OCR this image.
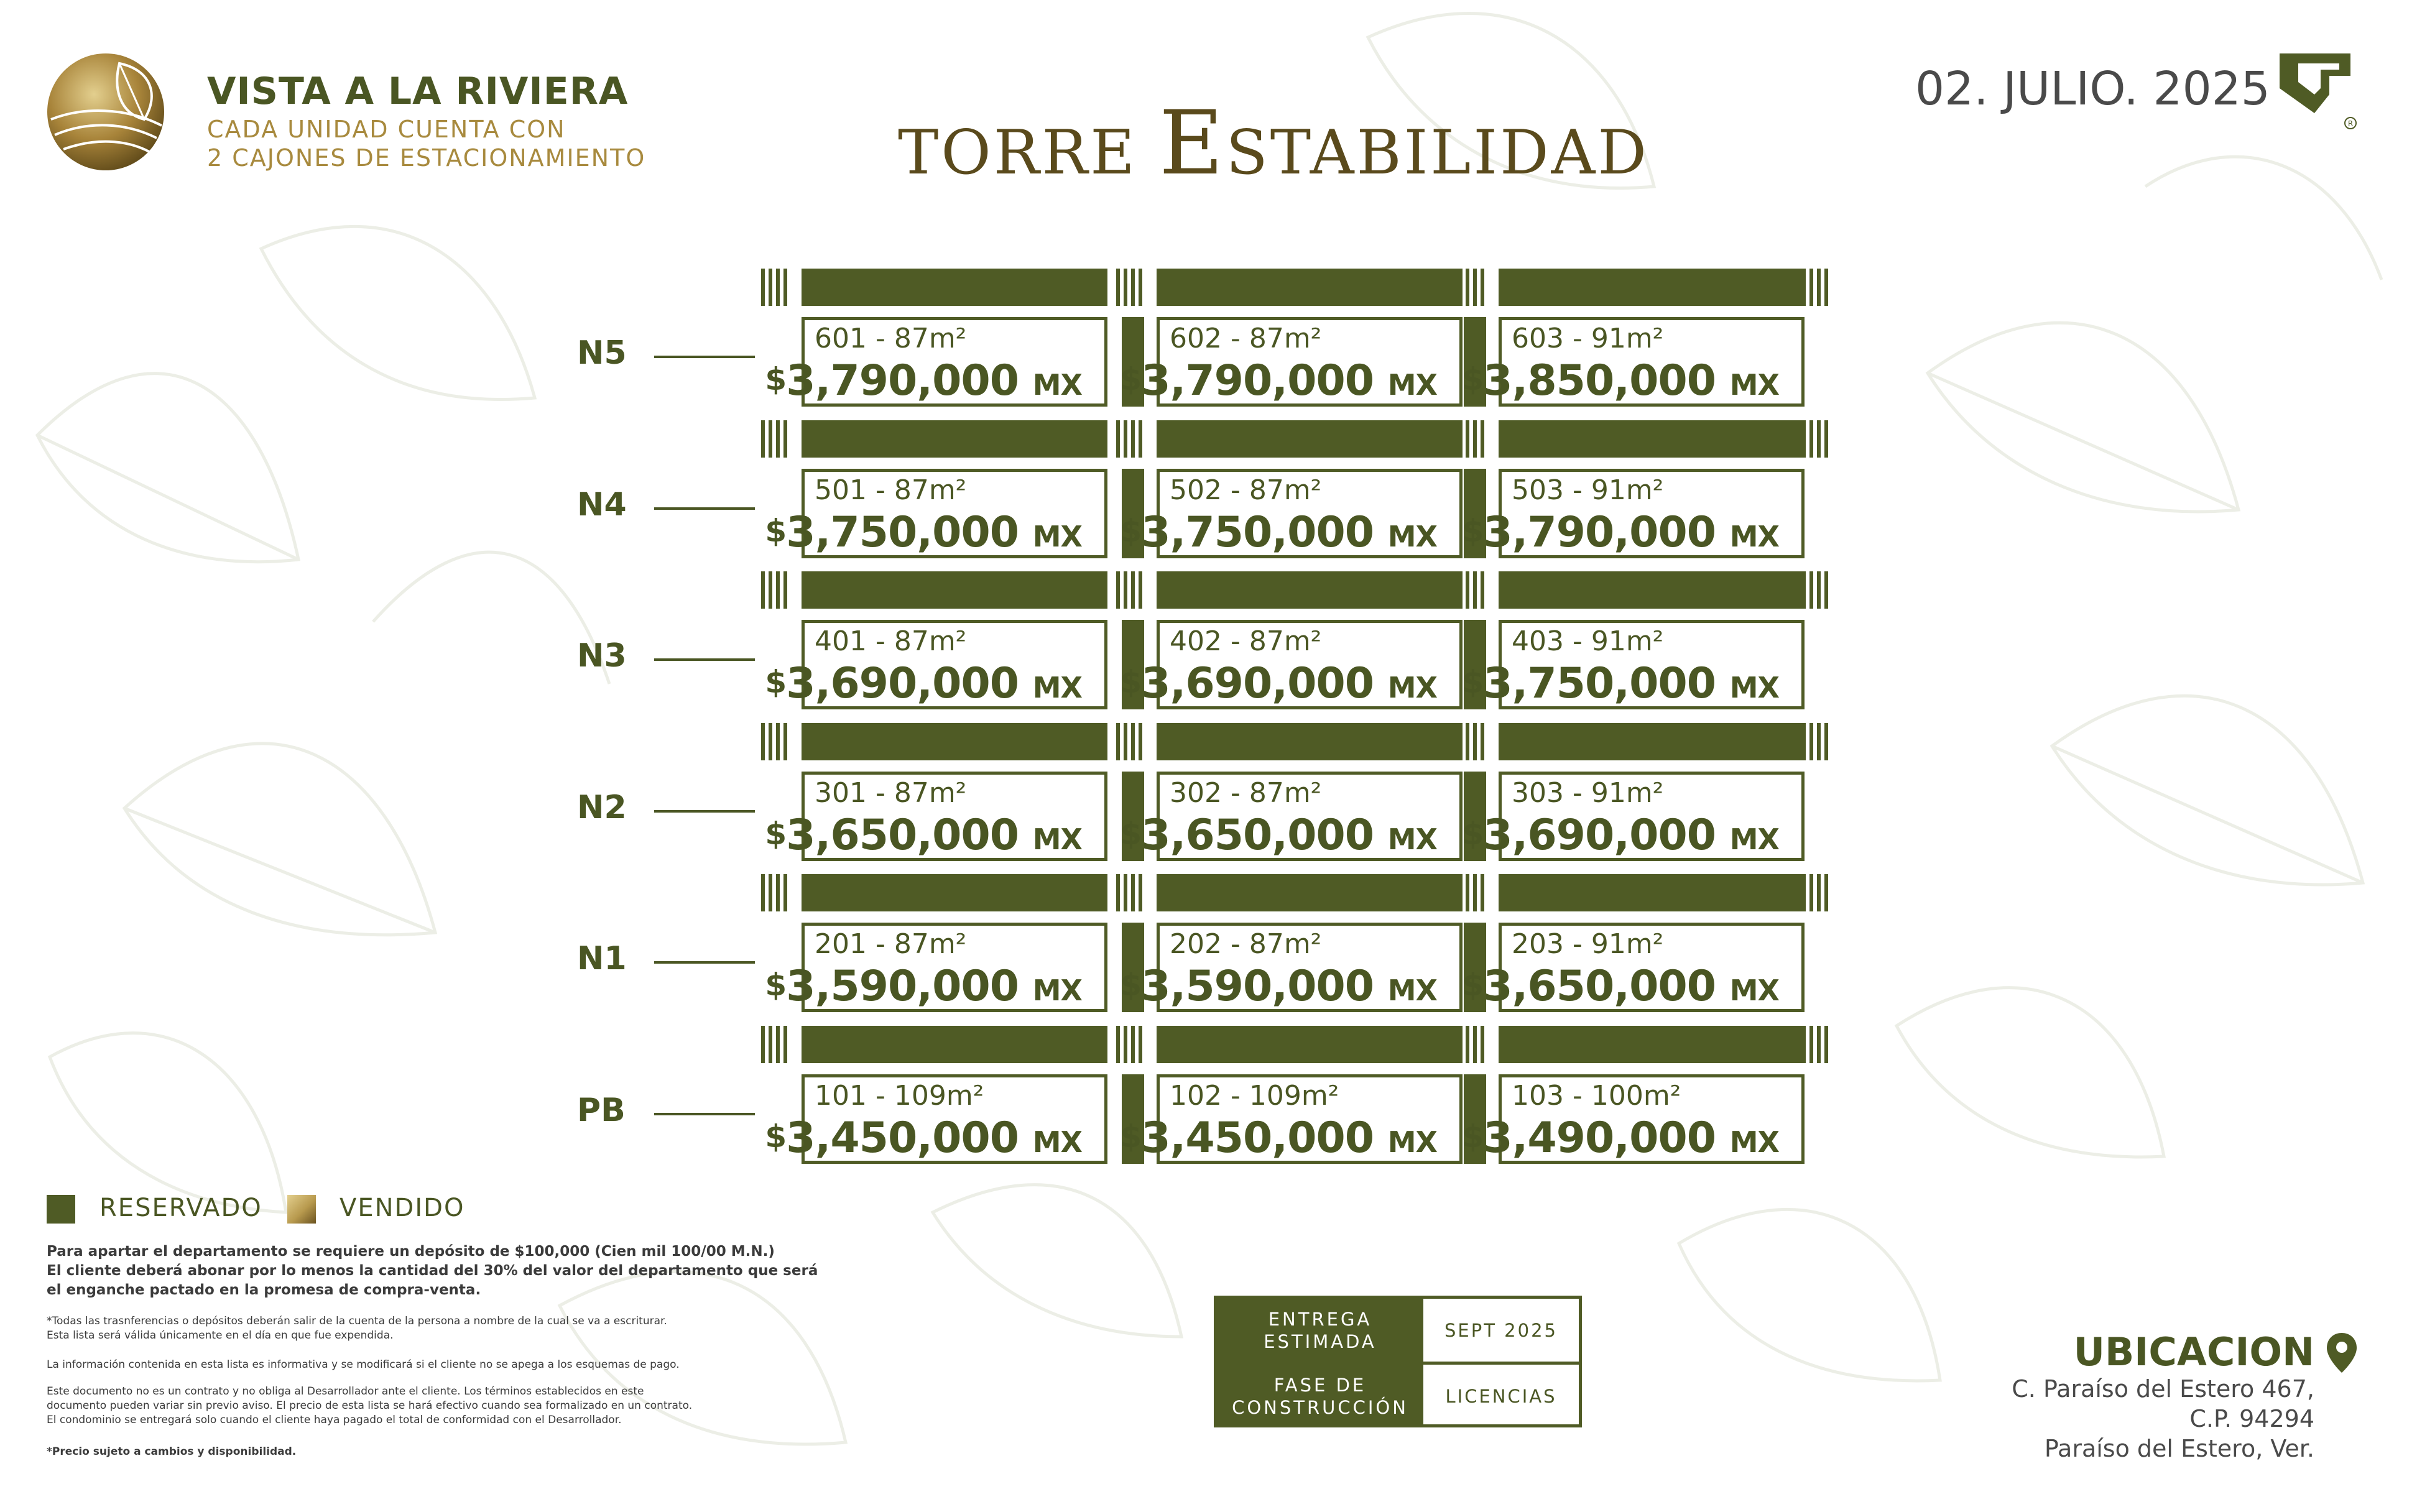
VISTA A LA RIVIERA
CADA UNIDAD CUENTA CON
2 CAJONES DE ESTACIONAMIENTO	TORRE ESTABILIDAD
02. JULIO. 2025
R
N5	601 - 87m²
$3,790,000 MX
602 - 87m²
$3,790,000 MX
603 - 91m²
$3,850,000 MX
N4	501 - 87m²
$3,750,000 MX
502 - 87m²
$3,750,000 MX
503 - 91m²
$3,790,000 MX
N3	401 - 87m²
$3,690,000 MX
402 - 87m²
$3,690,000 MX
403 - 91m²
$3,750,000 MX
N2	301 - 87m²
$3,650,000 MX
302 - 87m²
$3,650,000 MX
303 - 91m²
$3,690,000 MX
N1	201 - 87m²
$3,590,000 MX
202 - 87m²
$3,590,000 MX
203 - 91m²
$3,650,000 MX
PB	101 - 109m²
$3,450,000 MX
102 - 109m²
$3,450,000 MX
103 - 100m²
$3,490,000 MX
RESERVADO	VENDIDO
Para apartar el departamento se requiere un depósito de $100,000 (Cien mil 100/00 M.N.)
El cliente deberá abonar por lo menos la cantidad del 30% del valor del departamento que será
el enganche pactado en la promesa de compra-venta.
*Todas las trasnferencias o depósitos deberán salir de la cuenta de la persona a nombre de la cual se va a escriturar.
Esta lista será válida únicamente en el día en que fue expendida.
La información contenida en esta lista es informativa y se modificará si el cliente no se apega a los esquemas de pago.
Este documento no es un contrato y no obliga al Desarrollador ante el cliente. Los términos establecidos en este
documento pueden variar sin previo aviso. El precio de esta lista se hará efectivo cuando sea formalizado en un contrato.
El condominio se entregará solo cuando el cliente haya pagado el total de conformidad con el Desarrollador.
*Precio sujeto a cambios y disponibilidad.
ENTREGA
ESTIMADA
SEPT 2025
FASE DE
CONSTRUCCIÓN
LICENCIAS
UBICACION
C. Paraíso del Estero 467,
C.P. 94294
Paraíso del Estero, Ver.
